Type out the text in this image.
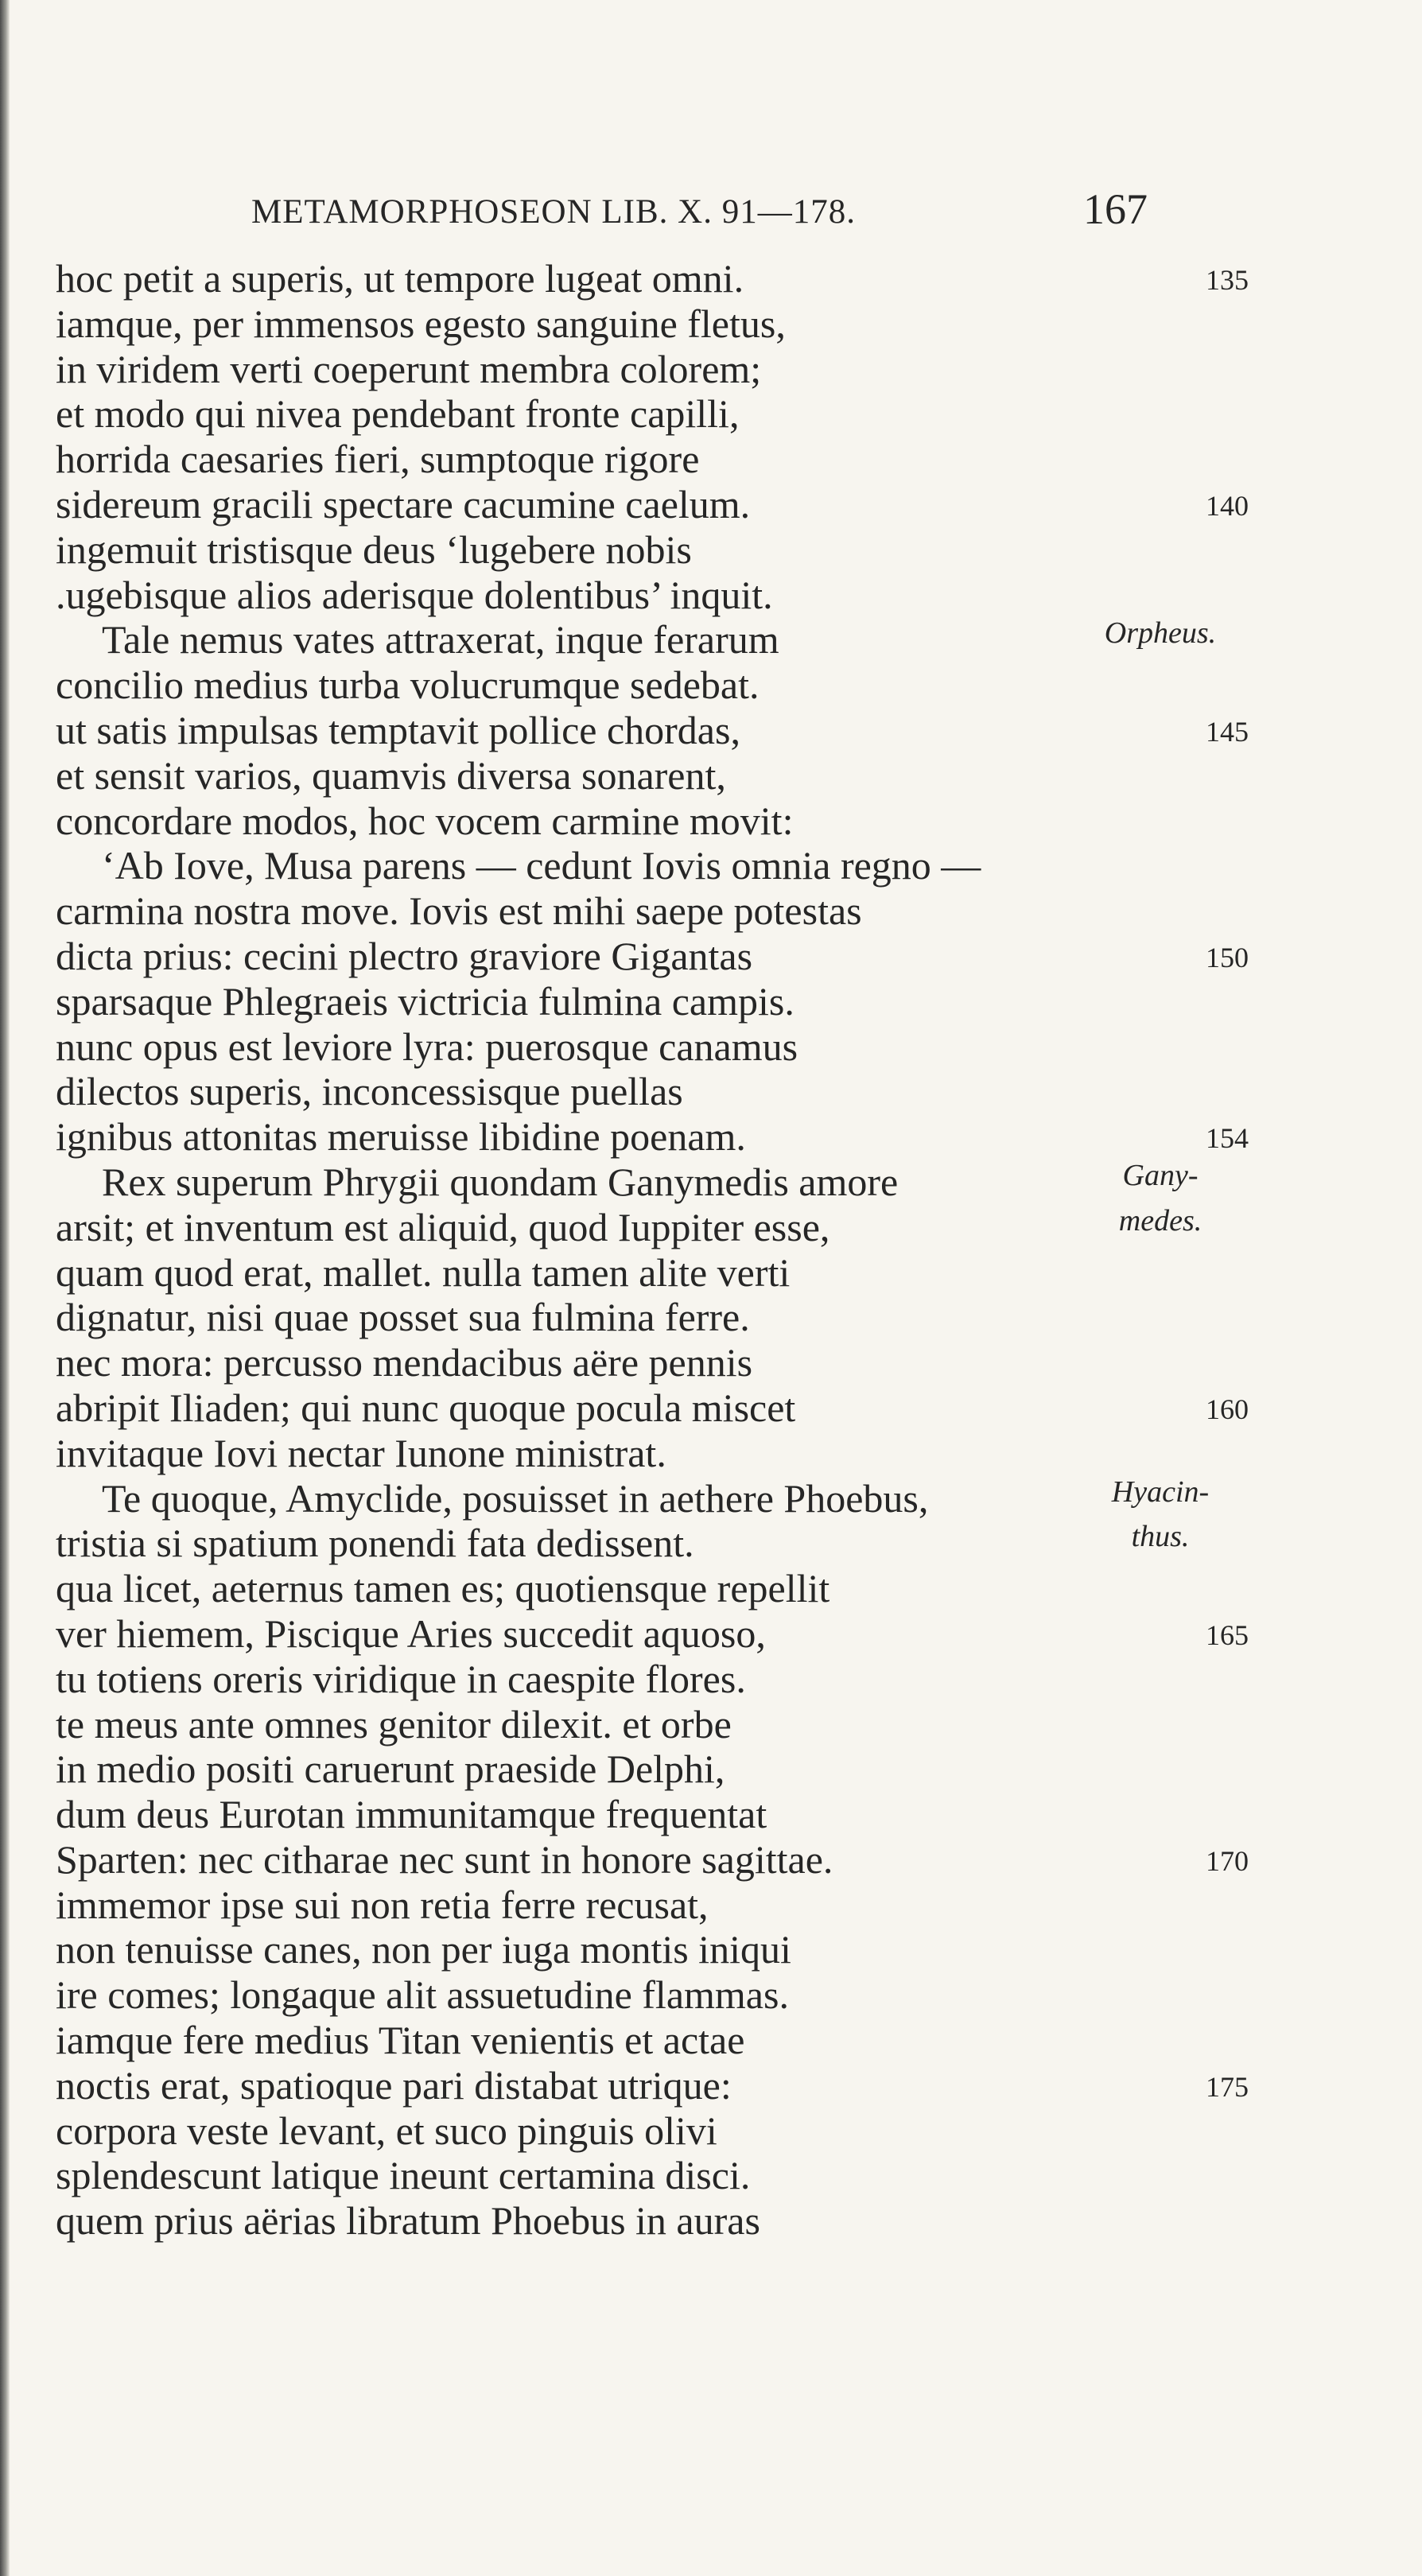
METAMORPHOSEON LIB. X. 91—178.	167
hoc petit a superis, ut tempore lugeat omni.	135
iamque, per immensos egesto sanguine fletus,
in viridem verti coeperunt membra colorem;
et modo qui nivea pendebant fronte capilli,
horrida caesaries fieri, sumptoque rigore
sidereum gracili spectare cacumine caelum.	140
ingemuit tristisque deus ‘lugebere nobis
.ugebisque alios aderisque dolentibus’ inquit.
Tale nemus vates attraxerat, inque ferarum	Orpheus.
concilio medius turba volucrumque sedebat.
ut satis impulsas temptavit pollice chordas,	145
et sensit varios, quamvis diversa sonarent,
concordare modos, hoc vocem carmine movit:
‘Ab Iove, Musa parens — cedunt Iovis omnia regno —
carmina nostra move. Iovis est mihi saepe potestas
dicta prius: cecini plectro graviore Gigantas	150
sparsaque Phlegraeis victricia fulmina campis.
nunc opus est leviore lyra: puerosque canamus
dilectos superis, inconcessisque puellas
ignibus attonitas meruisse libidine poenam.	154
Rex superum Phrygii quondam Ganymedis amore	Gany-
arsit; et inventum est aliquid, quod Iuppiter esse,	medes.
quam quod erat, mallet. nulla tamen alite verti
dignatur, nisi quae posset sua fulmina ferre.
nec mora: percusso mendacibus aëre pennis
abripit Iliaden; qui nunc quoque pocula miscet	160
invitaque Iovi nectar Iunone ministrat.
Te quoque, Amyclide, posuisset in aethere Phoebus,	Hyacin-
tristia si spatium ponendi fata dedissent.	thus.
qua licet, aeternus tamen es; quotiensque repellit
ver hiemem, Piscique Aries succedit aquoso,	165
tu totiens oreris viridique in caespite flores.
te meus ante omnes genitor dilexit. et orbe
in medio positi caruerunt praeside Delphi,
dum deus Eurotan immunitamque frequentat
Sparten: nec citharae nec sunt in honore sagittae.	170
immemor ipse sui non retia ferre recusat,
non tenuisse canes, non per iuga montis iniqui
ire comes; longaque alit assuetudine flammas.
iamque fere medius Titan venientis et actae
noctis erat, spatioque pari distabat utrique:	175
corpora veste levant, et suco pinguis olivi
splendescunt latique ineunt certamina disci.
quem prius aërias libratum Phoebus in auras
